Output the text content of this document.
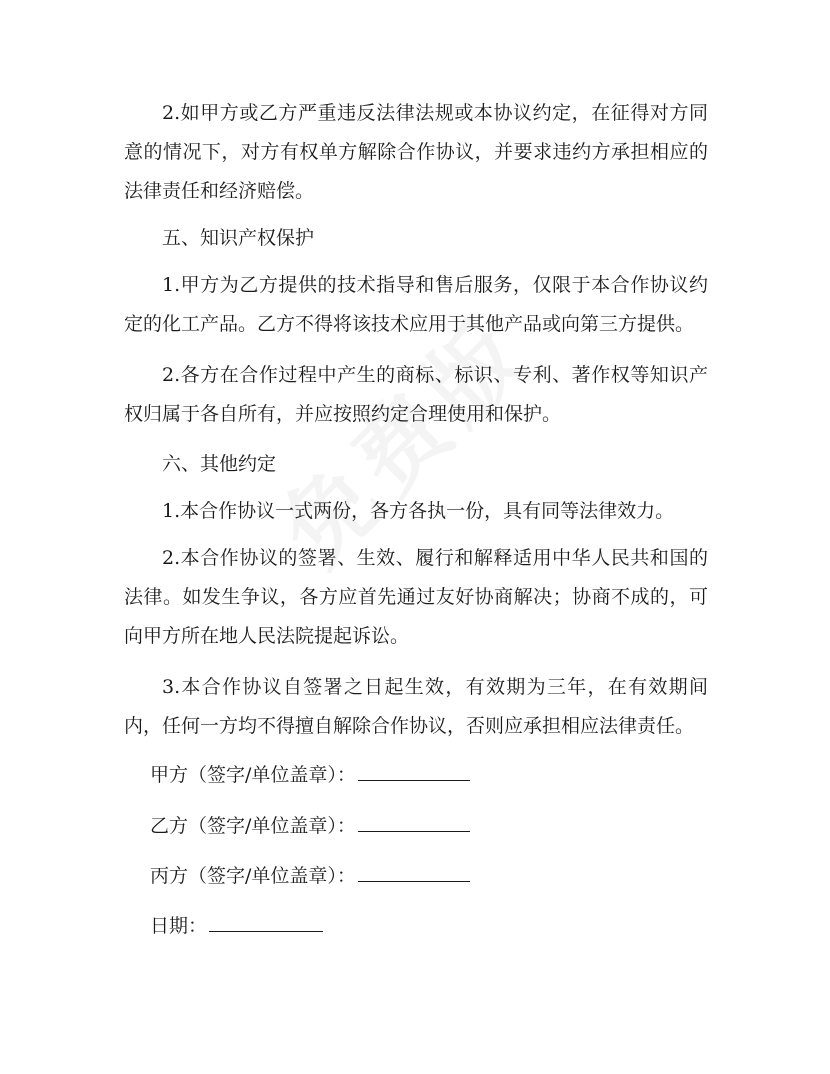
2.如甲方或乙方严重违反法律法规或本协议约定，在征得对方同意的情况下，对方有权单方解除合作协议，并要求违约方承担相应的法律责任和经济赔偿。

五、知识产权保护

1.甲方为乙方提供的技术指导和售后服务，仅限于本合作协议约定的化工产品。乙方不得将该技术应用于其他产品或向第三方提供。

2.各方在合作过程中产生的商标、标识、专利、著作权等知识产权归属于各自所有，并应按照约定合理使用和保护。

六、其他约定

1.本合作协议一式两份，各方各执一份，具有同等法律效力。

2.本合作协议的签署、生效、履行和解释适用中华人民共和国的法律。如发生争议，各方应首先通过友好协商解决；协商不成的，可向甲方所在地人民法院提起诉讼。

3.本合作协议自签署之日起生效，有效期为三年，在有效期间内，任何一方均不得擅自解除合作协议，否则应承担相应法律责任。

甲方（签字/单位盖章）：
乙方（签字/单位盖章）：
丙方（签字/单位盖章）：
日期：
